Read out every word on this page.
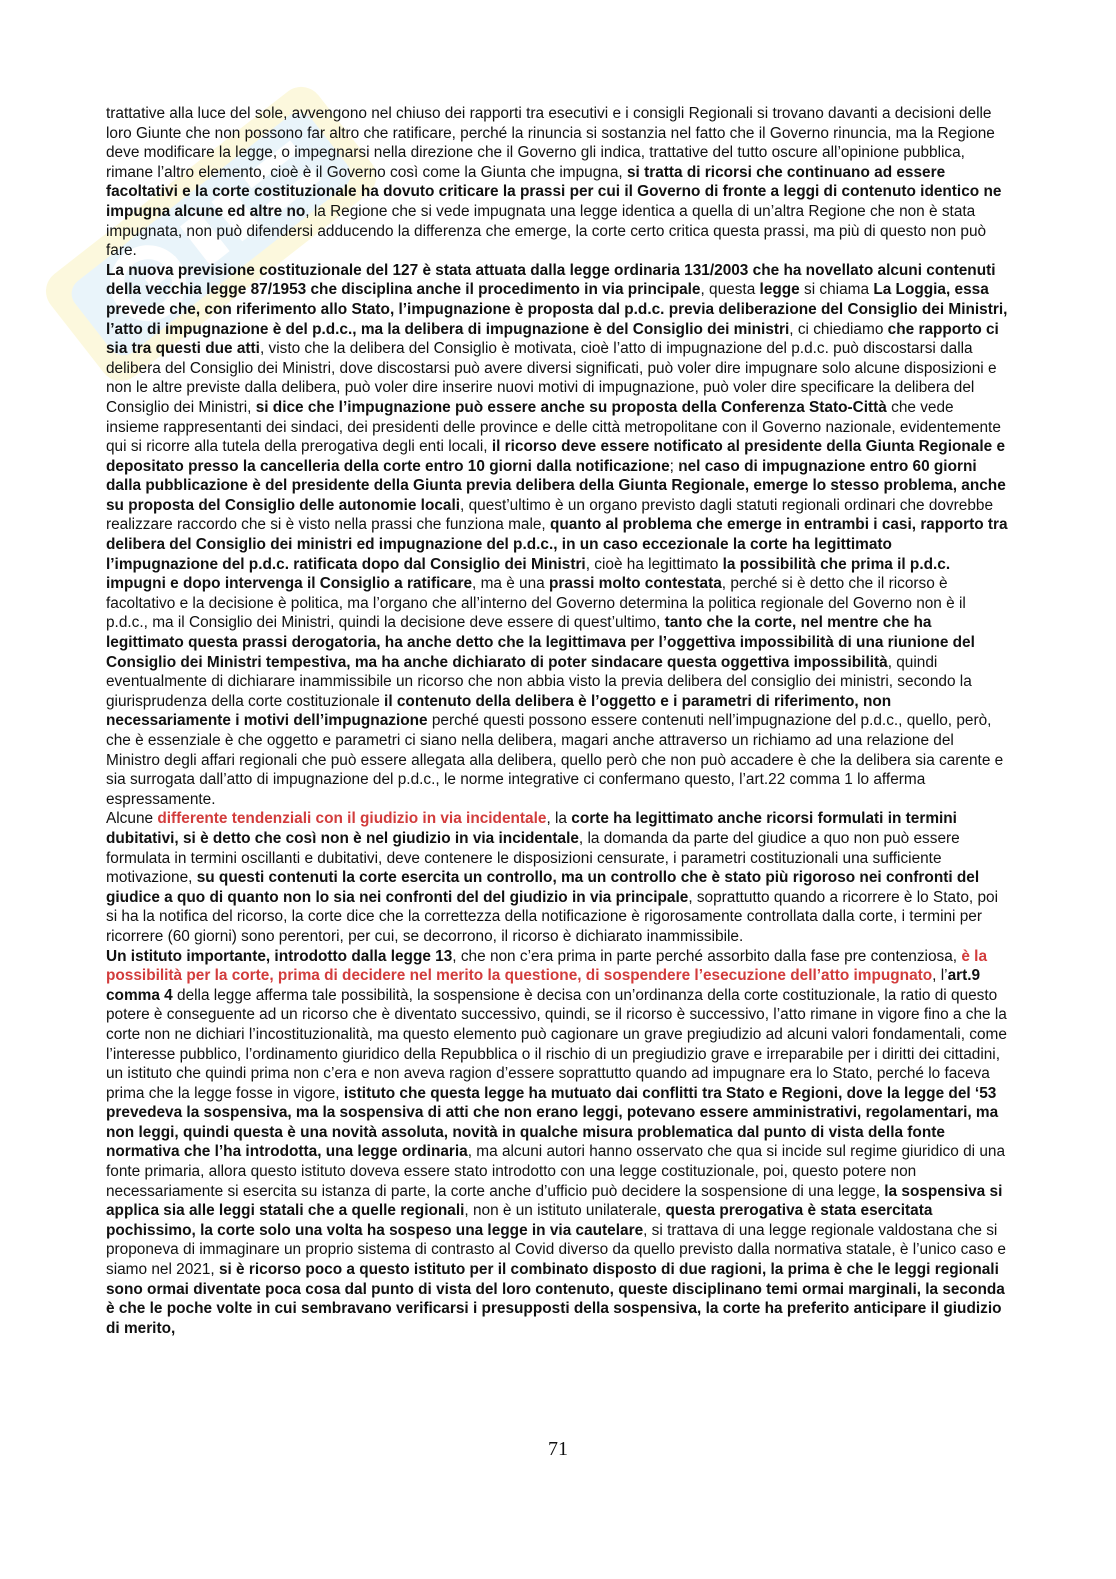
trattative alla luce del sole, avvengono nel chiuso dei rapporti tra esecutivi e i consigli Regionali si trovano davanti a decisioni delle loro Giunte che non possono far altro che ratificare, perché la rinuncia si sostanzia nel fatto che il Governo rinuncia, ma la Regione deve modificare la legge, o impegnarsi nella direzione che il Governo gli indica, trattative del tutto oscure all’opinione pubblica, rimane l’altro elemento, cioè è il Governo così come la Giunta che impugna, si tratta di ricorsi che continuano ad essere facoltativi e la corte costituzionale ha dovuto criticare la prassi per cui il Governo di fronte a leggi di contenuto identico ne impugna alcune ed altre no, la Regione che si vede impugnata una legge identica a quella di un’altra Regione che non è stata impugnata, non può difendersi adducendo la differenza che emerge, la corte certo critica questa prassi, ma più di questo non può fare.

La nuova previsione costituzionale del 127 è stata attuata dalla legge ordinaria 131/2003 che ha novellato alcuni contenuti della vecchia legge 87/1953 che disciplina anche il procedimento in via principale, questa legge si chiama La Loggia, essa prevede che, con riferimento allo Stato, l’impugnazione è proposta dal p.d.c. previa deliberazione del Consiglio dei Ministri, l’atto di impugnazione è del p.d.c., ma la delibera di impugnazione è del Consiglio dei ministri, ci chiediamo che rapporto ci sia tra questi due atti, visto che la delibera del Consiglio è motivata, cioè l’atto di impugnazione del p.d.c. può discostarsi dalla delibera del Consiglio dei Ministri, dove discostarsi può avere diversi significati, può voler dire impugnare solo alcune disposizioni e non le altre previste dalla delibera, può voler dire inserire nuovi motivi di impugnazione, può voler dire specificare la delibera del Consiglio dei Ministri, si dice che l’impugnazione può essere anche su proposta della Conferenza Stato-Città che vede insieme rappresentanti dei sindaci, dei presidenti delle province e delle città metropolitane con il Governo nazionale, evidentemente qui si ricorre alla tutela della prerogativa degli enti locali, il ricorso deve essere notificato al presidente della Giunta Regionale e depositato presso la cancelleria della corte entro 10 giorni dalla notificazione; nel caso di impugnazione entro 60 giorni dalla pubblicazione è del presidente della Giunta previa delibera della Giunta Regionale, emerge lo stesso problema, anche su proposta del Consiglio delle autonomie locali, quest’ultimo è un organo previsto dagli statuti regionali ordinari che dovrebbe realizzare raccordo che si è visto nella prassi che funziona male, quanto al problema che emerge in entrambi i casi, rapporto tra delibera del Consiglio dei ministri ed impugnazione del p.d.c., in un caso eccezionale la corte ha legittimato l’impugnazione del p.d.c. ratificata dopo dal Consiglio dei Ministri, cioè ha legittimato la possibilità che prima il p.d.c. impugni e dopo intervenga il Consiglio a ratificare, ma è una prassi molto contestata, perché si è detto che il ricorso è facoltativo e la decisione è politica, ma l’organo che all’interno del Governo determina la politica regionale del Governo non è il p.d.c., ma il Consiglio dei Ministri, quindi la decisione deve essere di quest’ultimo, tanto che la corte, nel mentre che ha legittimato questa prassi derogatoria, ha anche detto che la legittimava per l’oggettiva impossibilità di una riunione del Consiglio dei Ministri tempestiva, ma ha anche dichiarato di poter sindacare questa oggettiva impossibilità, quindi eventualmente di dichiarare inammissibile un ricorso che non abbia visto la previa delibera del consiglio dei ministri, secondo la giurisprudenza della corte costituzionale il contenuto della delibera è l’oggetto e i parametri di riferimento, non necessariamente i motivi dell’impugnazione perché questi possono essere contenuti nell’impugnazione del p.d.c., quello, però, che è essenziale è che oggetto e parametri ci siano nella delibera, magari anche attraverso un richiamo ad una relazione del Ministro degli affari regionali che può essere allegata alla delibera, quello però che non può accadere è che la delibera sia carente e sia surrogata dall’atto di impugnazione del p.d.c., le norme integrative ci confermano questo, l’art.22 comma 1 lo afferma espressamente.

Alcune differente tendenziali con il giudizio in via incidentale, la corte ha legittimato anche ricorsi formulati in termini dubitativi, si è detto che così non è nel giudizio in via incidentale, la domanda da parte del giudice a quo non può essere formulata in termini oscillanti e dubitativi, deve contenere le disposizioni censurate, i parametri costituzionali una sufficiente motivazione, su questi contenuti la corte esercita un controllo, ma un controllo che è stato più rigoroso nei confronti del giudice a quo di quanto non lo sia nei confronti del del giudizio in via principale, soprattutto quando a ricorrere è lo Stato, poi si ha la notifica del ricorso, la corte dice che la correttezza della notificazione è rigorosamente controllata dalla corte, i termini per ricorrere (60 giorni) sono perentori, per cui, se decorrono, il ricorso è dichiarato inammissibile.

Un istituto importante, introdotto dalla legge 13, che non c’era prima in parte perché assorbito dalla fase pre contenziosa, è la possibilità per la corte, prima di decidere nel merito la questione, di sospendere l’esecuzione dell’atto impugnato, l’art.9 comma 4 della legge afferma tale possibilità, la sospensione è decisa con un’ordinanza della corte costituzionale, la ratio di questo potere è conseguente ad un ricorso che è diventato successivo, quindi, se il ricorso è successivo, l’atto rimane in vigore fino a che la corte non ne dichiari l’incostituzionalità, ma questo elemento può cagionare un grave pregiudizio ad alcuni valori fondamentali, come l’interesse pubblico, l’ordinamento giuridico della Repubblica o il rischio di un pregiudizio grave e irreparabile per i diritti dei cittadini, un istituto che quindi prima non c’era e non aveva ragion d’essere soprattutto quando ad impugnare era lo Stato, perché lo faceva prima che la legge fosse in vigore, istituto che questa legge ha mutuato dai conflitti tra Stato e Regioni, dove la legge del ‘53 prevedeva la sospensiva, ma la sospensiva di atti che non erano leggi, potevano essere amministrativi, regolamentari, ma non leggi, quindi questa è una novità assoluta, novità in qualche misura problematica dal punto di vista della fonte normativa che l’ha introdotta, una legge ordinaria, ma alcuni autori hanno osservato che qua si incide sul regime giuridico di una fonte primaria, allora questo istituto doveva essere stato introdotto con una legge costituzionale, poi, questo potere non necessariamente si esercita su istanza di parte, la corte anche d’ufficio può decidere la sospensione di una legge, la sospensiva si applica sia alle leggi statali che a quelle regionali, non è un istituto unilaterale, questa prerogativa è stata esercitata pochissimo, la corte solo una volta ha sospeso una legge in via cautelare, si trattava di una legge regionale valdostana che si proponeva di immaginare un proprio sistema di contrasto al Covid diverso da quello previsto dalla normativa statale, è l’unico caso e siamo nel 2021, si è ricorso poco a questo istituto per il combinato disposto di due ragioni, la prima è che le leggi regionali sono ormai diventate poca cosa dal punto di vista del loro contenuto, queste disciplinano temi ormai marginali, la seconda è che le poche volte in cui sembravano verificarsi i presupposti della sospensiva, la corte ha preferito anticipare il giudizio di merito,

71
